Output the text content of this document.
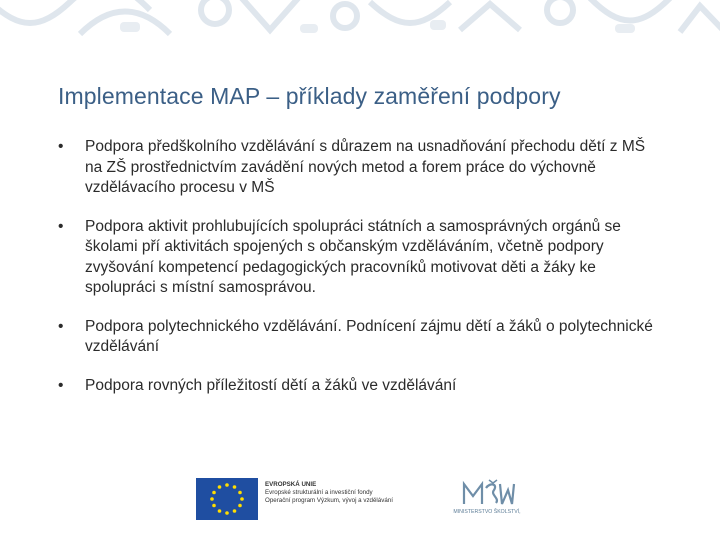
Implementace MAP – příklady zaměření podpory
•	Podpora předškolního vzdělávání s důrazem na usnadňování přechodu dětí z MŠ na ZŠ prostřednictvím zavádění nových metod a forem práce do výchovně vzdělávacího procesu v MŠ
•	Podpora aktivit prohlubujících spolupráci státních a samosprávných orgánů se školami pří aktivitách spojených s občanským vzděláváním, včetně podpory zvyšování kompetencí pedagogických pracovníků motivovat děti a žáky ke spolupráci s místní samosprávou.
•	Podpora polytechnického vzdělávání. Podnícení zájmu dětí a žáků o polytechnické vzdělávání
•	Podpora rovných příležitostí dětí a žáků ve vzdělávání
EVROPSKÁ UNIE
Evropské strukturální a investiční fondy
Operační program Výzkum, vývoj a vzdělávání
MINISTERSTVO ŠKOLSTVÍ,
